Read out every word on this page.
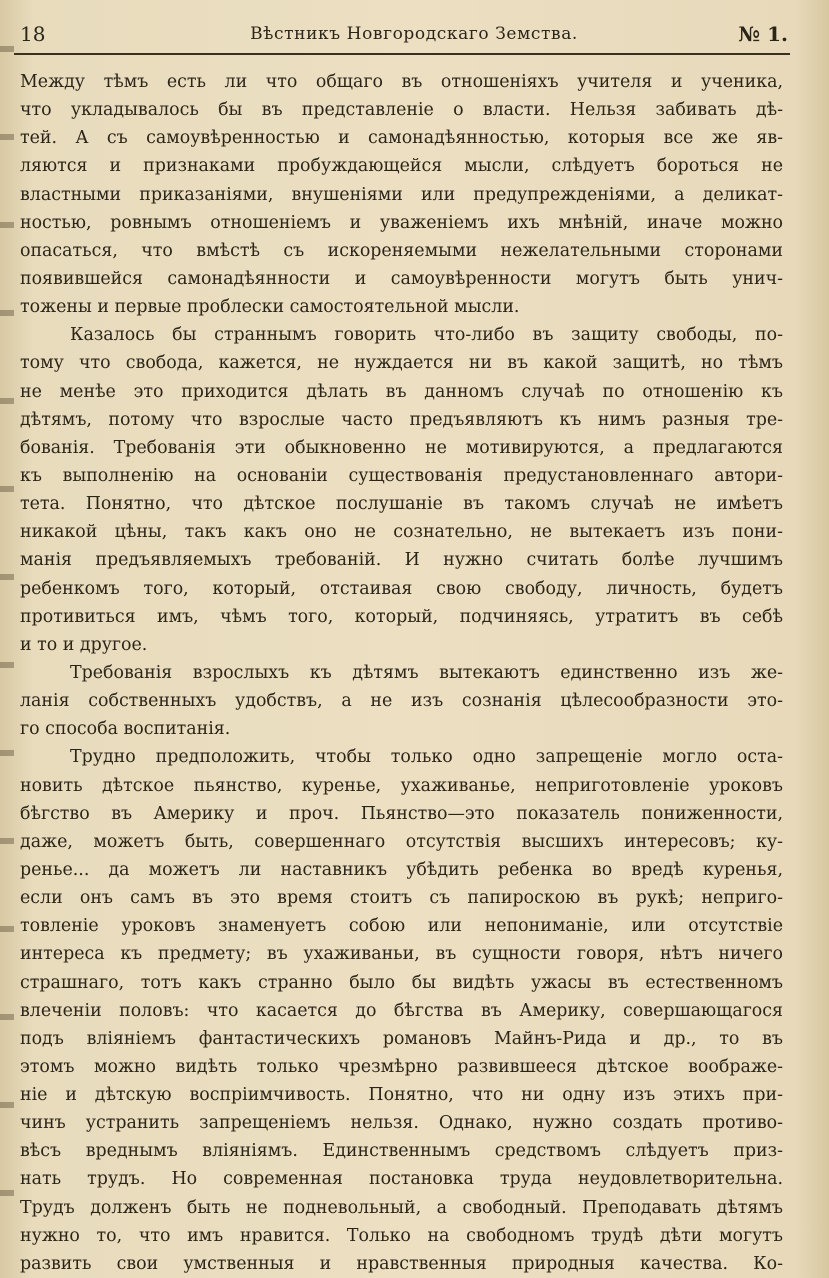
18	Вѣстникъ Новгородскаго Земства.	№ 1.
Между тѣмъ есть ли что общаго въ отношеніяхъ учителя и ученика,
что укладывалось бы въ представленіе о власти. Нельзя забивать дѣ-
тей. А съ самоувѣренностью и самонадѣянностью, которыя все же яв-
ляются и признаками пробуждающейся мысли, слѣдуетъ бороться не
властными приказаніями, внушеніями или предупрежденіями, а деликат-
ностью, ровнымъ отношеніемъ и уваженіемъ ихъ мнѣній, иначе можно
опасаться, что вмѣстѣ съ искореняемыми нежелательными сторонами
появившейся самонадѣянности и самоувѣренности могутъ быть унич-
тожены и первые проблески самостоятельной мысли.
Казалось бы страннымъ говорить что-либо въ защиту свободы, по-
тому что свобода, кажется, не нуждается ни въ какой защитѣ, но тѣмъ
не менѣе это приходится дѣлать въ данномъ случаѣ по отношенію къ
дѣтямъ, потому что взрослые часто предъявляютъ къ нимъ разныя тре-
бованія. Требованія эти обыкновенно не мотивируются, а предлагаются
къ выполненію на основаніи существованія предустановленнаго автори-
тета. Понятно, что дѣтское послушаніе въ такомъ случаѣ не имѣетъ
никакой цѣны, такъ какъ оно не сознательно, не вытекаетъ изъ пони-
манія предъявляемыхъ требованій. И нужно считать болѣе лучшимъ
ребенкомъ того, который, отстаивая свою свободу, личность, будетъ
противиться имъ, чѣмъ того, который, подчиняясь, утратитъ въ себѣ
и то и другое.
Требованія взрослыхъ къ дѣтямъ вытекаютъ единственно изъ же-
ланія собственныхъ удобствъ, а не изъ сознанія цѣлесообразности это-
го способа воспитанія.
Трудно предположить, чтобы только одно запрещеніе могло оста-
новить дѣтское пьянство, куренье, ухаживанье, неприготовленіе уроковъ
бѣгство въ Америку и проч. Пьянство—это показатель пониженности,
даже, можетъ быть, совершеннаго отсутствія высшихъ интересовъ; ку-
ренье... да можетъ ли наставникъ убѣдить ребенка во вредѣ куренья,
если онъ самъ въ это время стоитъ съ папироскою въ рукѣ; неприго-
товленіе уроковъ знаменуетъ собою или непониманіе, или отсутствіе
интереса къ предмету; въ ухаживаньи, въ сущности говоря, нѣтъ ничего
страшнаго, тотъ какъ странно было бы видѣть ужасы въ естественномъ
влеченіи половъ: что касается до бѣгства въ Америку, совершающагося
подъ вліяніемъ фантастическихъ романовъ Майнъ-Рида и др., то въ
этомъ можно видѣть только чрезмѣрно развившееся дѣтское воображе-
ніе и дѣтскую воспріимчивость. Понятно, что ни одну изъ этихъ при-
чинъ устранить запрещеніемъ нельзя. Однако, нужно создать противо-
вѣсъ вреднымъ вліяніямъ. Единственнымъ средствомъ слѣдуетъ приз-
нать трудъ. Но современная постановка труда неудовлетворительна.
Трудъ долженъ быть не подневольный, а свободный. Преподавать дѣтямъ
нужно то, что имъ нравится. Только на свободномъ трудѣ дѣти могутъ
развить свои умственныя и нравственныя природныя качества. Ко-
